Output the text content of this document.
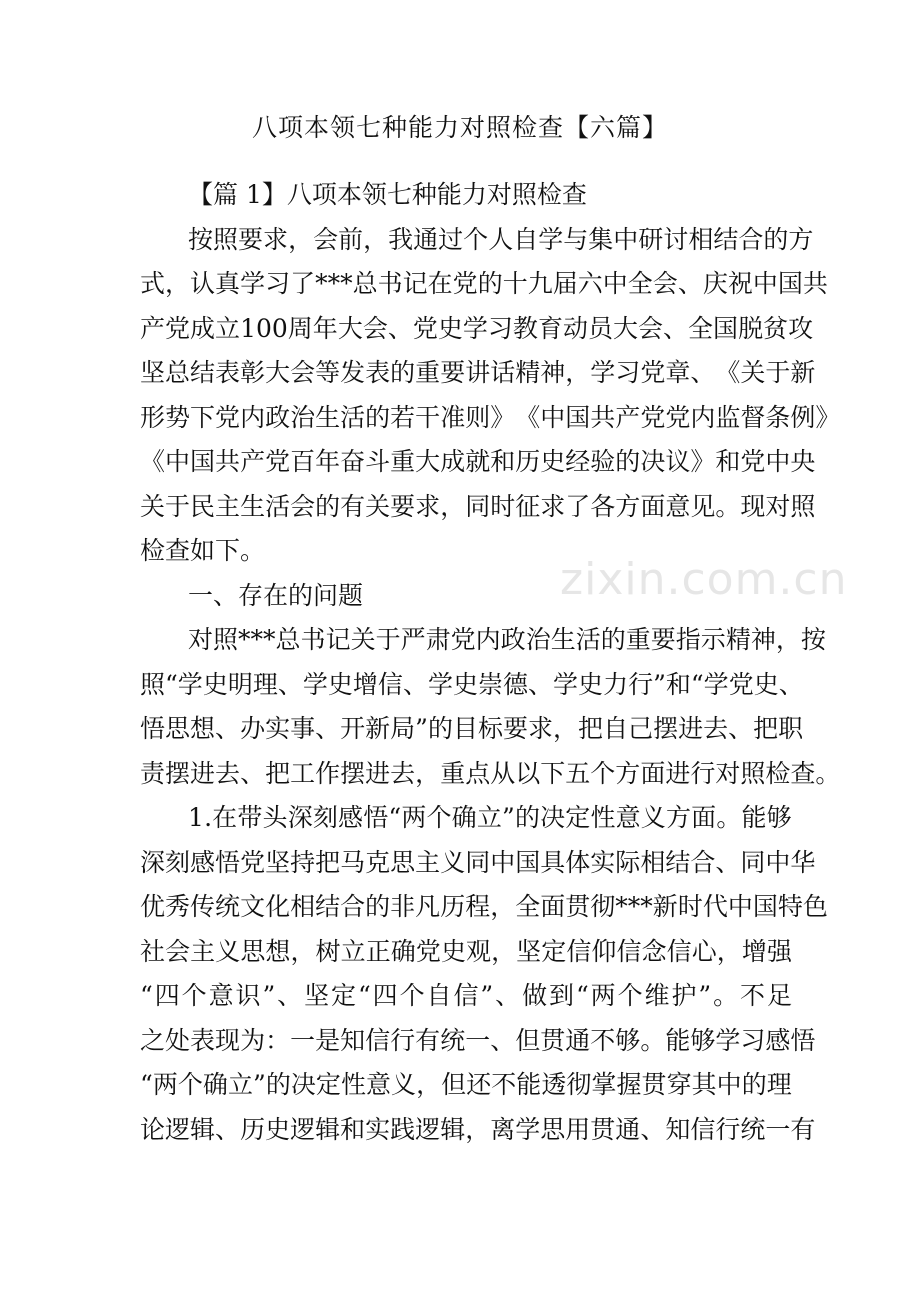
zixin.com.cn
八项本领七种能力对照检查【六篇】
【篇 1】八项本领七种能力对照检查
按 照 要 求 ， 会 前 ， 我 通 过 个 人 自 学 与 集 中 研 讨 相 结 合 的 方
式 ， 认 真 学 习 了 *** 总 书 记 在 党 的 十 九 届 六 中 全 会 、 庆 祝 中 国 共
产 党 成 立 100 周 年 大 会 、 党 史 学 习 教 育 动 员 大 会 、 全 国 脱 贫 攻
坚 总 结 表 彰 大 会 等 发 表 的 重 要 讲 话 精 神 ， 学 习 党 章 、 《 关 于 新
形 势 下 党 内 政 治 生 活 的 若 干 准 则 》 《 中 国 共 产 党 党 内 监 督 条 例 》
《 中 国 共 产 党 百 年 奋 斗 重 大 成 就 和 历 史 经 验 的 决 议 》 和 党 中 央
关 于 民 主 生 活 会 的 有 关 要 求 ， 同 时 征 求 了 各 方 面 意 见 。 现 对 照
检查如下。
一、存在的问题
对 照 *** 总 书 记 关 于 严 肃 党 内 政 治 生 活 的 重 要 指 示 精 神 ， 按
照 “ 学 史 明 理 、 学 史 增 信 、 学 史 崇 德 、 学 史 力 行 ” 和 “ 学 党 史 、
悟 思 想 、 办 实 事 、 开 新 局 ” 的 目 标 要 求 ， 把 自 己 摆 进 去 、 把 职
责 摆 进 去 、 把 工 作 摆 进 去 ， 重 点 从 以 下 五 个 方 面 进 行 对 照 检 查 。
1 . 在 带 头 深 刻 感 悟 “ 两 个 确 立 ” 的 决 定 性 意 义 方 面 。 能 够
深 刻 感 悟 党 坚 持 把 马 克 思 主 义 同 中 国 具 体 实 际 相 结 合 、 同 中 华
优 秀 传 统 文 化 相 结 合 的 非 凡 历 程 ， 全 面 贯 彻 *** 新 时 代 中 国 特 色
社 会 主 义 思 想 ， 树 立 正 确 党 史 观 ， 坚 定 信 仰 信 念 信 心 ， 增 强
“ 四 个 意 识 ” 、 坚 定 “ 四 个 自 信 ” 、 做 到 “ 两 个 维 护 ” 。 不 足
之 处 表 现 为 ： 一 是 知 信 行 有 统 一 、 但 贯 通 不 够 。 能 够 学 习 感 悟
“ 两 个 确 立 ” 的 决 定 性 意 义 ， 但 还 不 能 透 彻 掌 握 贯 穿 其 中 的 理
论 逻 辑 、 历 史 逻 辑 和 实 践 逻 辑 ， 离 学 思 用 贯 通 、 知 信 行 统 一 有
